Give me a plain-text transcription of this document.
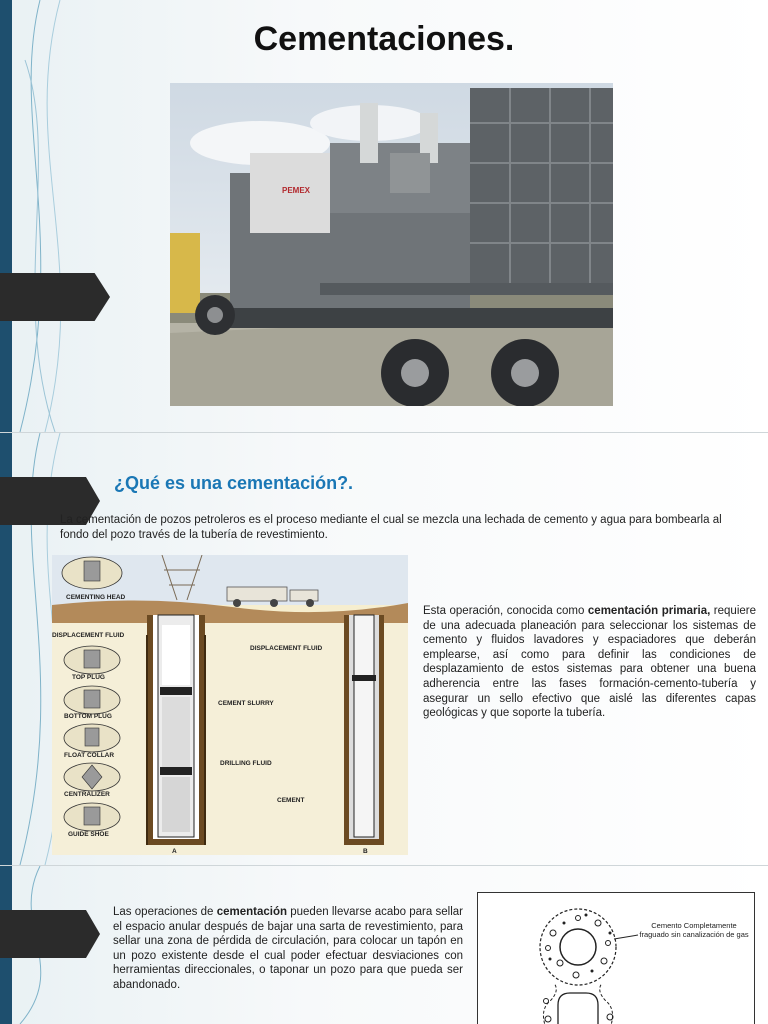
Cementaciones.
PEMEX
¿Qué es una cementación?.

La cementación de pozos petroleros es el proceso mediante el cual se mezcla una lechada de cemento y agua para bombearla al fondo del pozo través de la tubería de revestimiento.

CEMENTING HEAD
DISPLACEMENT FLUID
TOP PLUG
BOTTOM PLUG
FLOAT COLLAR
CENTRALIZER
GUIDE SHOE
DISPLACEMENT FLUID
CEMENT SLURRY
DRILLING FLUID
CEMENT
A	B

Esta operación, conocida como cementación primaria, requiere de una adecuada planeación para seleccionar los sistemas de cemento y fluidos lavadores y espaciadores que deberán emplearse, así como para definir las condiciones de desplazamiento de estos sistemas para obtener una buena adherencia entre las fases formación-cemento-tubería y asegurar un sello efectivo que aislé las diferentes capas geológicas y que soporte la tubería.

Las operaciones de cementación pueden llevarse acabo para sellar el espacio anular después de bajar una sarta de revestimiento, para sellar una zona de pérdida de circulación, para colocar un tapón en un pozo existente desde el cual poder efectuar desviaciones con herramientas direccionales, o taponar un pozo para que pueda ser abandonado.

Cemento Completamente fraguado sin canalización de gas
